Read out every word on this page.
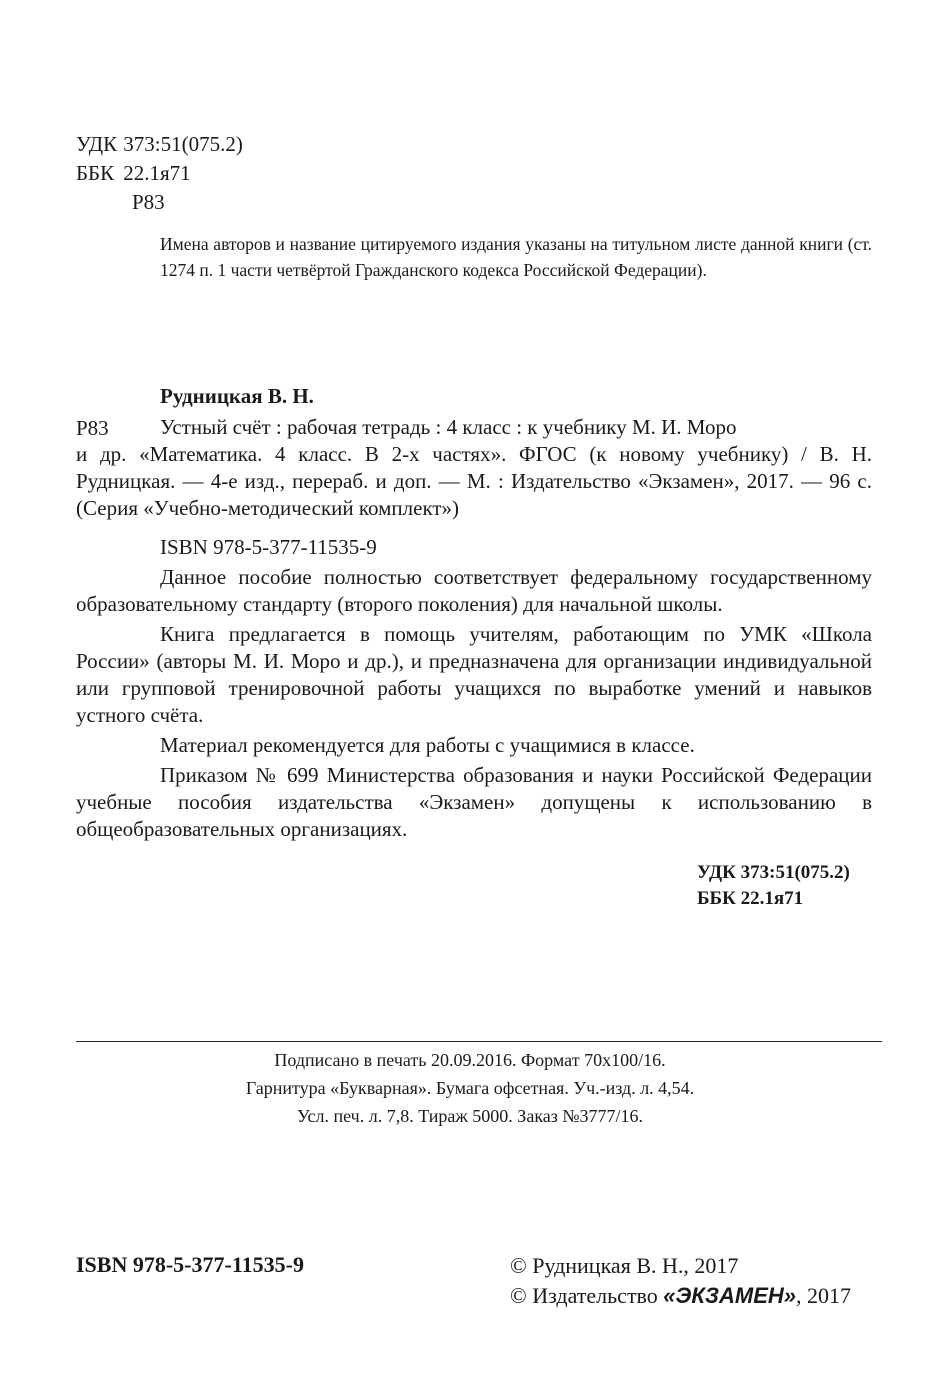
УДК 373:51(075.2)
ББК 22.1я71
Р83
Имена авторов и название цитируемого издания указаны на титульном листе данной книги (ст. 1274 п. 1 части четвёртой Гражданского кодекса Российской Федерации).
Рудницкая В. Н.
Р83 Устный счёт : рабочая тетрадь : 4 класс : к учебнику М. И. Моро
и др. «Математика. 4 класс. В 2-х частях». ФГОС (к новому учебнику) / В. Н. Рудницкая. — 4-е изд., перераб. и доп. — М. : Издательство «Экзамен», 2017. — 96 с. (Серия «Учебно-методический комплект»)
ISBN 978-5-377-11535-9

Данное пособие полностью соответствует федеральному государственному образовательному стандарту (второго поколения) для начальной школы.

Книга предлагается в помощь учителям, работающим по УМК «Школа России» (авторы М. И. Моро и др.), и предназначена для организации индивидуальной или групповой тренировочной работы учащихся по выработке умений и навыков устного счёта.

Материал рекомендуется для работы с учащимися в классе.

Приказом № 699 Министерства образования и науки Российской Федерации учебные пособия издательства «Экзамен» допущены к использованию в общеобразовательных организациях.

УДК 373:51(075.2)
ББК 22.1я71
Подписано в печать 20.09.2016. Формат 70х100/16.
Гарнитура «Букварная». Бумага офсетная. Уч.-изд. л. 4,54.
Усл. печ. л. 7,8. Тираж 5000. Заказ №3777/16.
ISBN 978-5-377-11535-9	© Рудницкая В. Н., 2017
© Издательство «ЭКЗАМЕН», 2017
